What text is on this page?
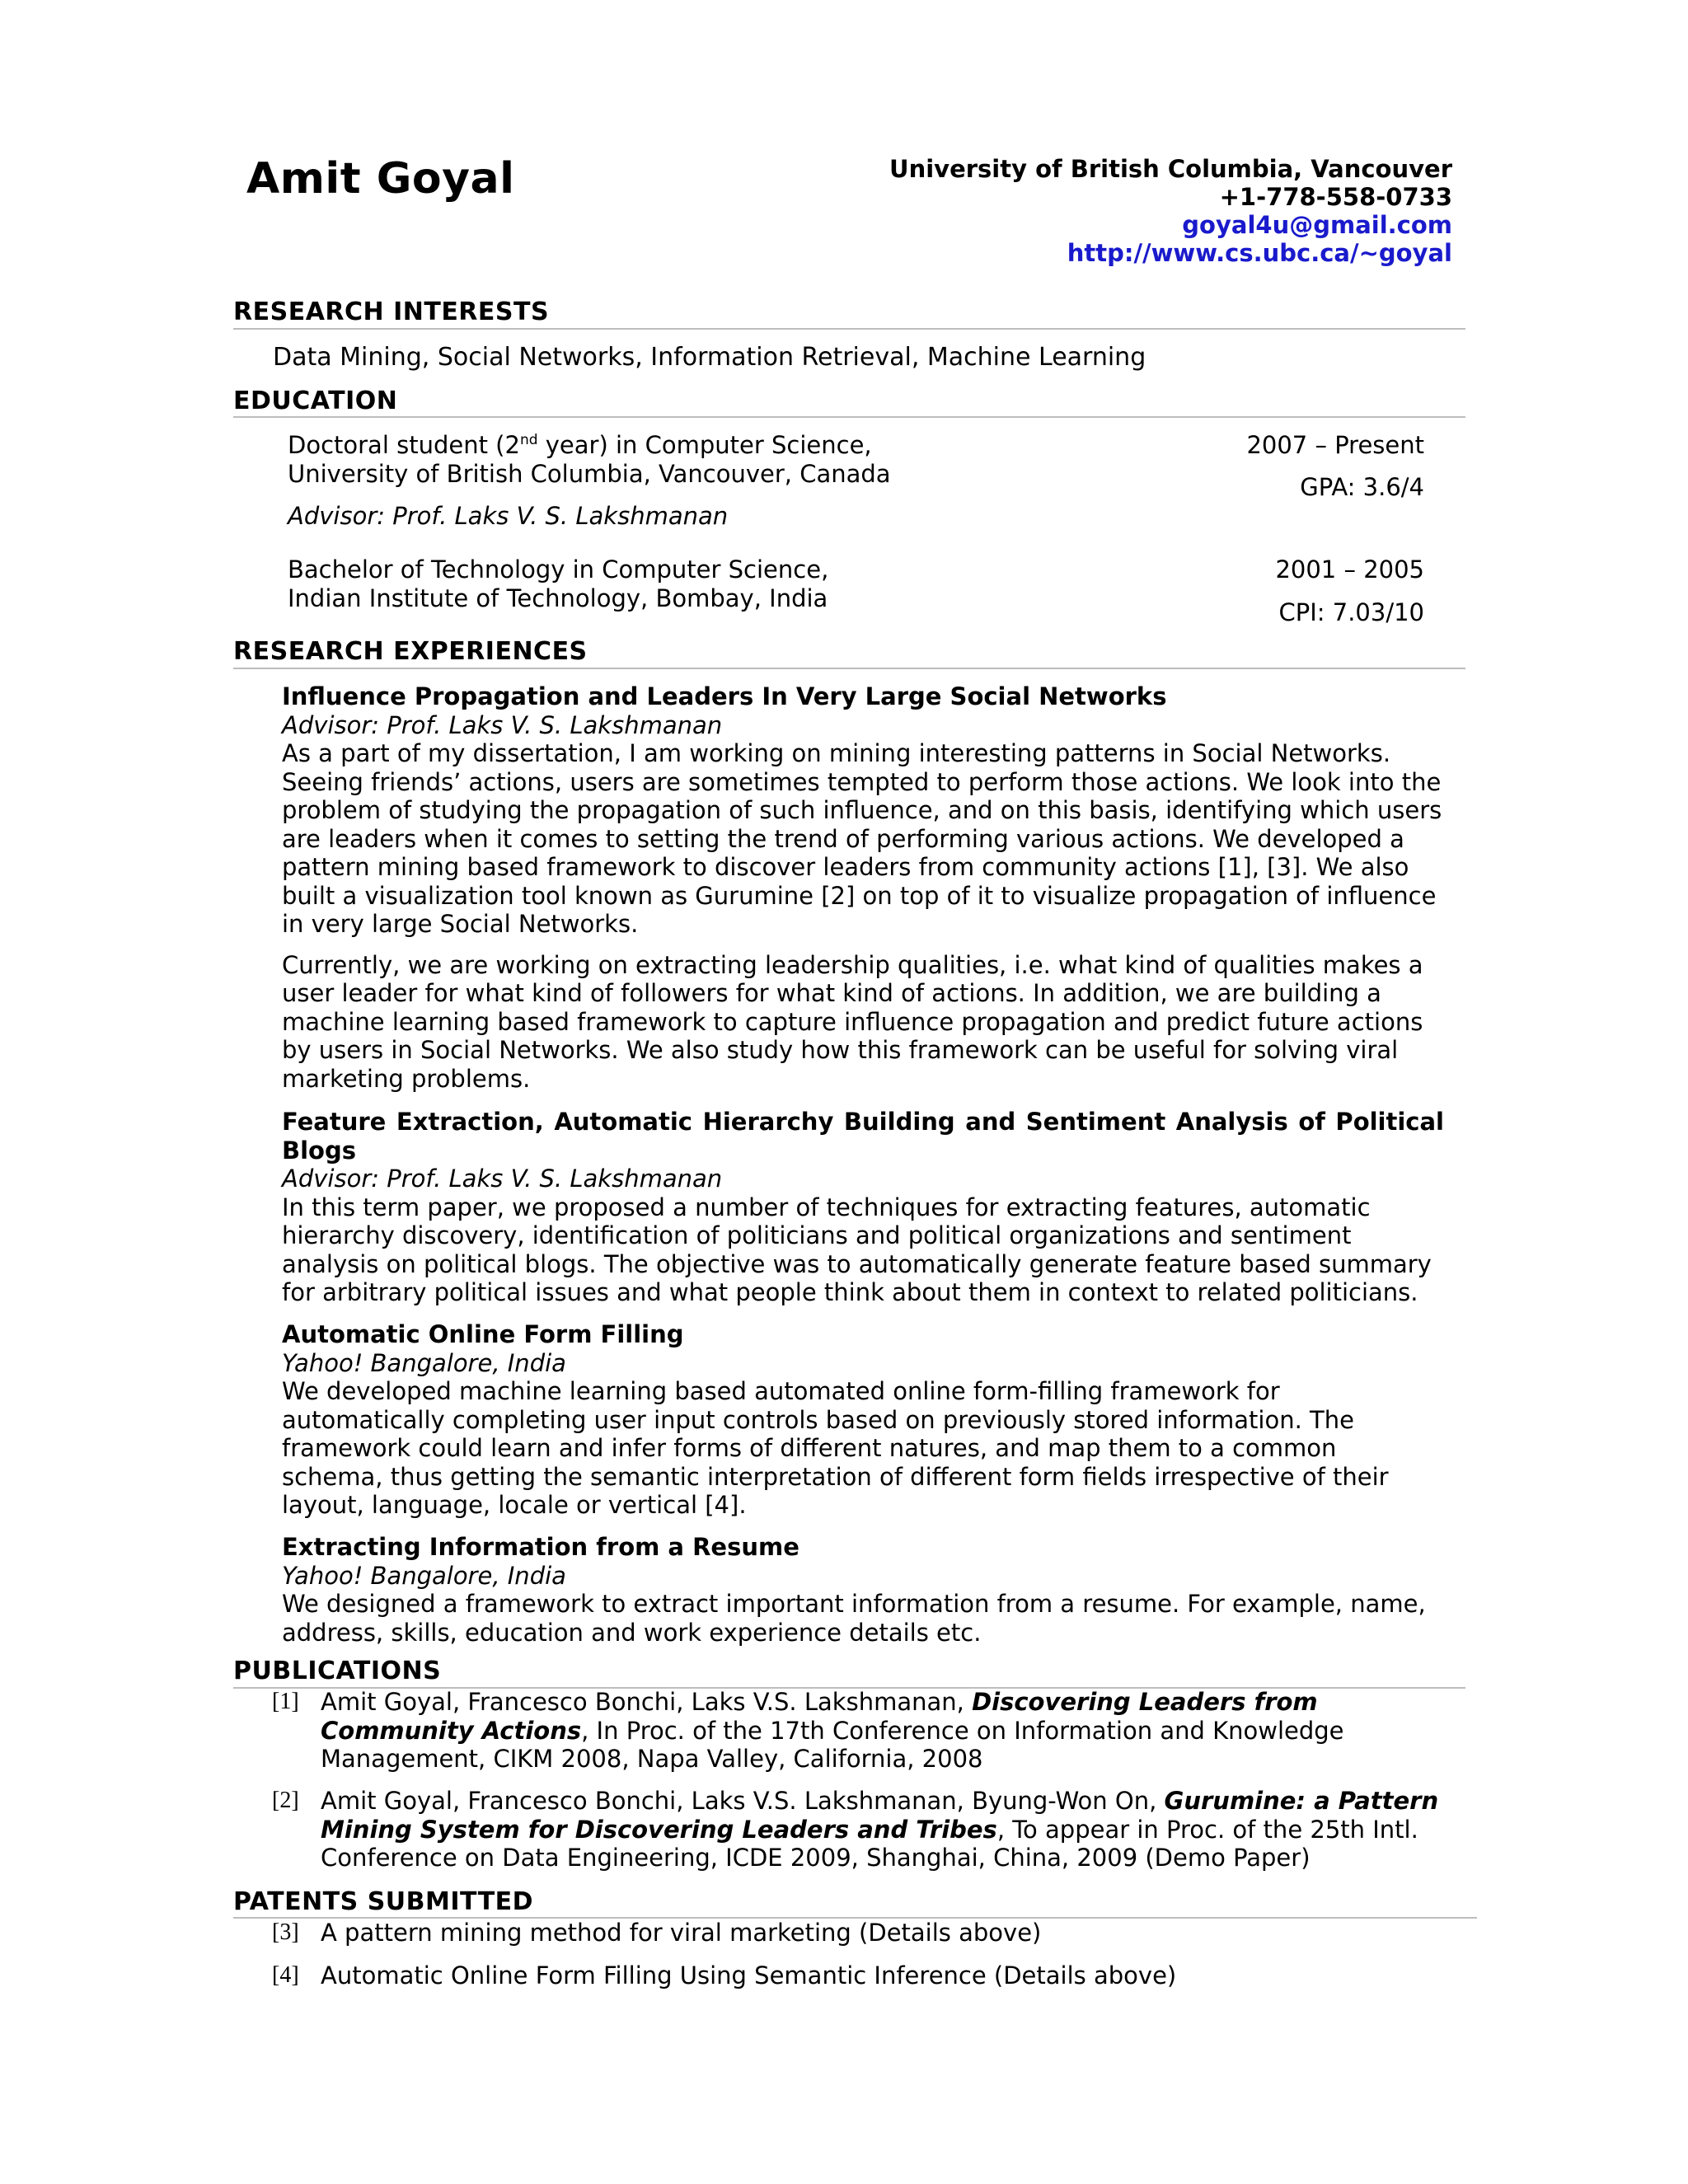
Amit Goyal	University of British Columbia, Vancouver
+1-778-558-0733
goyal4u@gmail.com
http://www.cs.ubc.ca/~goyal
RESEARCH INTERESTS
Data Mining, Social Networks, Information Retrieval, Machine Learning
EDUCATION
Doctoral student (2nd year) in Computer Science,
University of British Columbia, Vancouver, Canada
Advisor: Prof. Laks V. S. Lakshmanan
2007 – Present
GPA: 3.6/4
Bachelor of Technology in Computer Science,
Indian Institute of Technology, Bombay, India
2001 – 2005
CPI: 7.03/10
RESEARCH EXPERIENCES
Influence Propagation and Leaders In Very Large Social Networks
Advisor: Prof. Laks V. S. Lakshmanan

As a part of my dissertation, I am working on mining interesting patterns in Social Networks. Seeing friends’ actions, users are sometimes tempted to perform those actions. We look into the problem of studying the propagation of such influence, and on this basis, identifying which users are leaders when it comes to setting the trend of performing various actions. We developed a pattern mining based framework to discover leaders from community actions [1], [3]. We also built a visualization tool known as Gurumine [2] on top of it to visualize propagation of influence in very large Social Networks.

Currently, we are working on extracting leadership qualities, i.e. what kind of qualities makes a user leader for what kind of followers for what kind of actions. In addition, we are building a machine learning based framework to capture influence propagation and predict future actions by users in Social Networks. We also study how this framework can be useful for solving viral marketing problems.

Feature Extraction, Automatic Hierarchy Building and Sentiment Analysis of Political Blogs
Advisor: Prof. Laks V. S. Lakshmanan

In this term paper, we proposed a number of techniques for extracting features, automatic hierarchy discovery, identification of politicians and political organizations and sentiment analysis on political blogs. The objective was to automatically generate feature based summary for arbitrary political issues and what people think about them in context to related politicians.

Automatic Online Form Filling
Yahoo! Bangalore, India

We developed machine learning based automated online form-filling framework for automatically completing user input controls based on previously stored information. The framework could learn and infer forms of different natures, and map them to a common schema, thus getting the semantic interpretation of different form fields irrespective of their layout, language, locale or vertical [4].

Extracting Information from a Resume
Yahoo! Bangalore, India

We designed a framework to extract important information from a resume. For example, name, address, skills, education and work experience details etc.

PUBLICATIONS
[1] Amit Goyal, Francesco Bonchi, Laks V.S. Lakshmanan, Discovering Leaders from Community Actions, In Proc. of the 17th Conference on Information and Knowledge Management, CIKM 2008, Napa Valley, California, 2008
[2] Amit Goyal, Francesco Bonchi, Laks V.S. Lakshmanan, Byung-Won On, Gurumine: a Pattern Mining System for Discovering Leaders and Tribes, To appear in Proc. of the 25th Intl. Conference on Data Engineering, ICDE 2009, Shanghai, China, 2009 (Demo Paper)
PATENTS SUBMITTED
[3] A pattern mining method for viral marketing (Details above)
[4] Automatic Online Form Filling Using Semantic Inference (Details above)
